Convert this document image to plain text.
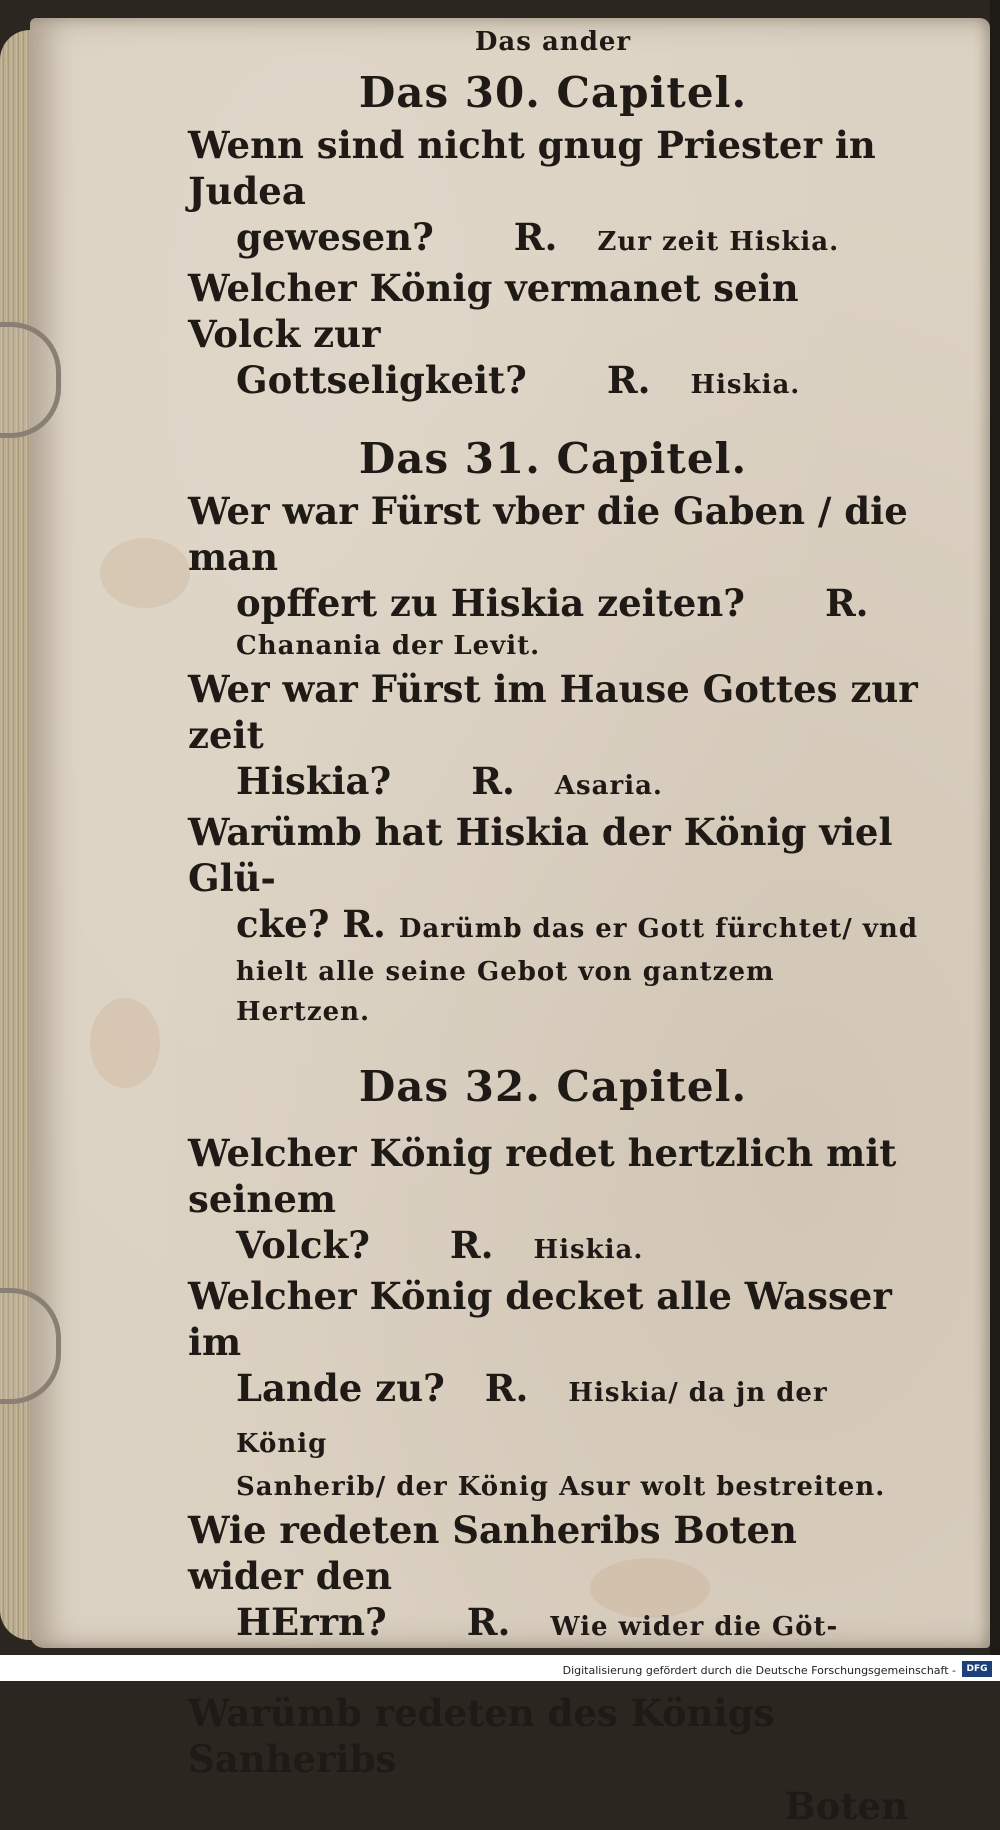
Das ander
Das 30. Capitel.

Wenn sind nicht gnug Priester in Judea
gewesen? R. Zur zeit Hiskia.

Welcher König vermanet sein Volck zur
Gottseligkeit? R. Hiskia.

Das 31. Capitel.

Wer war Fürst vber die Gaben / die man
opffert zu Hiskia zeiten? R.
Chanania der Levit.

Wer war Fürst im Hause Gottes zur zeit
Hiskia? R. Asaria.

Warümb hat Hiskia der König viel Glü-
cke? R. Darümb das er Gott fürchtet/ vnd
hielt alle seine Gebot von gantzem Hertzen.

Das 32. Capitel.

Welcher König redet hertzlich mit seinem
Volck? R. Hiskia.

Welcher König decket alle Wasser im
Lande zu? R. Hiskia/ da jn der König
Sanherib/ der König Asur wolt bestreiten.

Wie redeten Sanheribs Boten wider den
HErrn? R. Wie wider die Göt-

Warümb redeten des Königs Sanheribs

Boten
Digitalisierung gefördert durch die Deutsche Forschungsgemeinschaft -	DFG
